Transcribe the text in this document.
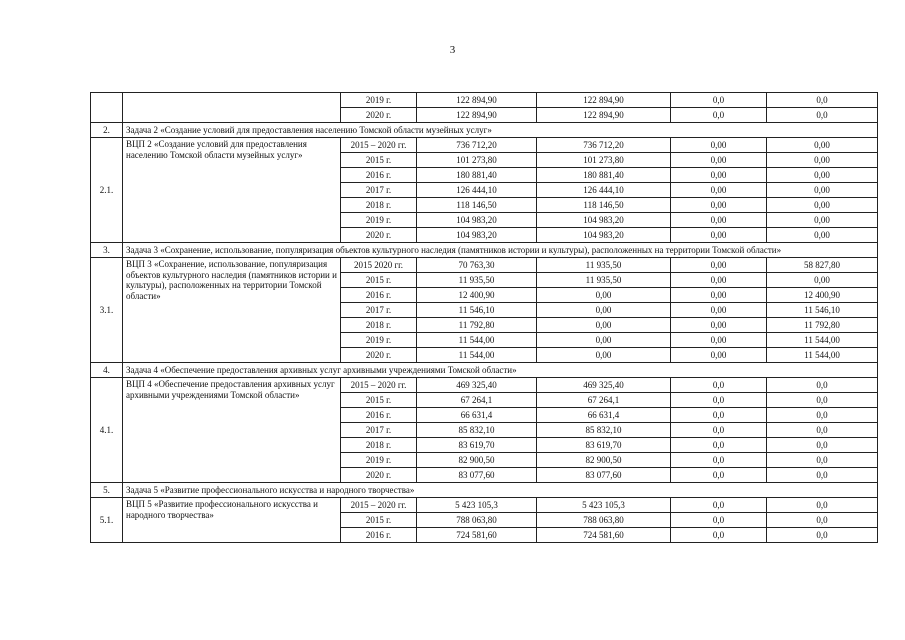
3
		2019 г.	122 894,90	122 894,90	0,0	0,0
		2020 г.	122 894,90	122 894,90	0,0	0,0
2.	Задача 2 «Создание условий для предоставления населению Томской области музейных услуг»					
2.1.	ВЦП 2 «Создание условий для предоставления населению Томской области музейных услуг»	2015 – 2020 гг.	736 712,20	736 712,20	0,00	0,00
		2015 г.	101 273,80	101 273,80	0,00	0,00
		2016 г.	180 881,40	180 881,40	0,00	0,00
		2017 г.	126 444,10	126 444,10	0,00	0,00
		2018 г.	118 146,50	118 146,50	0,00	0,00
		2019 г.	104 983,20	104 983,20	0,00	0,00
		2020 г.	104 983,20	104 983,20	0,00	0,00
3.	Задача 3 «Сохранение, использование, популяризация объектов культурного наследия (памятников истории и культуры), расположенных на территории Томской области»					
3.1.	ВЦП 3 «Сохранение, использование, популяризация объектов культурного наследия (памятников истории и культуры), расположенных на территории Томской области»	2015 2020 гг.	70 763,30	11 935,50	0,00	58 827,80
		2015 г.	11 935,50	11 935,50	0,00	0,00
		2016 г.	12 400,90	0,00	0,00	12 400,90
		2017 г.	11 546,10	0,00	0,00	11 546,10
		2018 г.	11 792,80	0,00	0,00	11 792,80
		2019 г.	11 544,00	0,00	0,00	11 544,00
		2020 г.	11 544,00	0,00	0,00	11 544,00
4.	Задача 4 «Обеспечение предоставления архивных услуг архивными учреждениями Томской области»					
4.1.	ВЦП 4 «Обеспечение предоставления архивных услуг архивными учреждениями Томской области»	2015 – 2020 гг.	469 325,40	469 325,40	0,0	0,0
		2015 г.	67 264,1	67 264,1	0,0	0,0
		2016 г.	66 631,4	66 631,4	0,0	0,0
		2017 г.	85 832,10	85 832,10	0,0	0,0
		2018 г.	83 619,70	83 619,70	0,0	0,0
		2019 г.	82 900,50	82 900,50	0,0	0,0
		2020 г.	83 077,60	83 077,60	0,0	0,0
5.	Задача 5 «Развитие профессионального искусства и народного творчества»					
5.1.	ВЦП 5 «Развитие профессионального искусства и народного творчества»	2015 – 2020 гг.	5 423 105,3	5 423 105,3	0,0	0,0
		2015 г.	788 063,80	788 063,80	0,0	0,0
		2016 г.	724 581,60	724 581,60	0,0	0,0
